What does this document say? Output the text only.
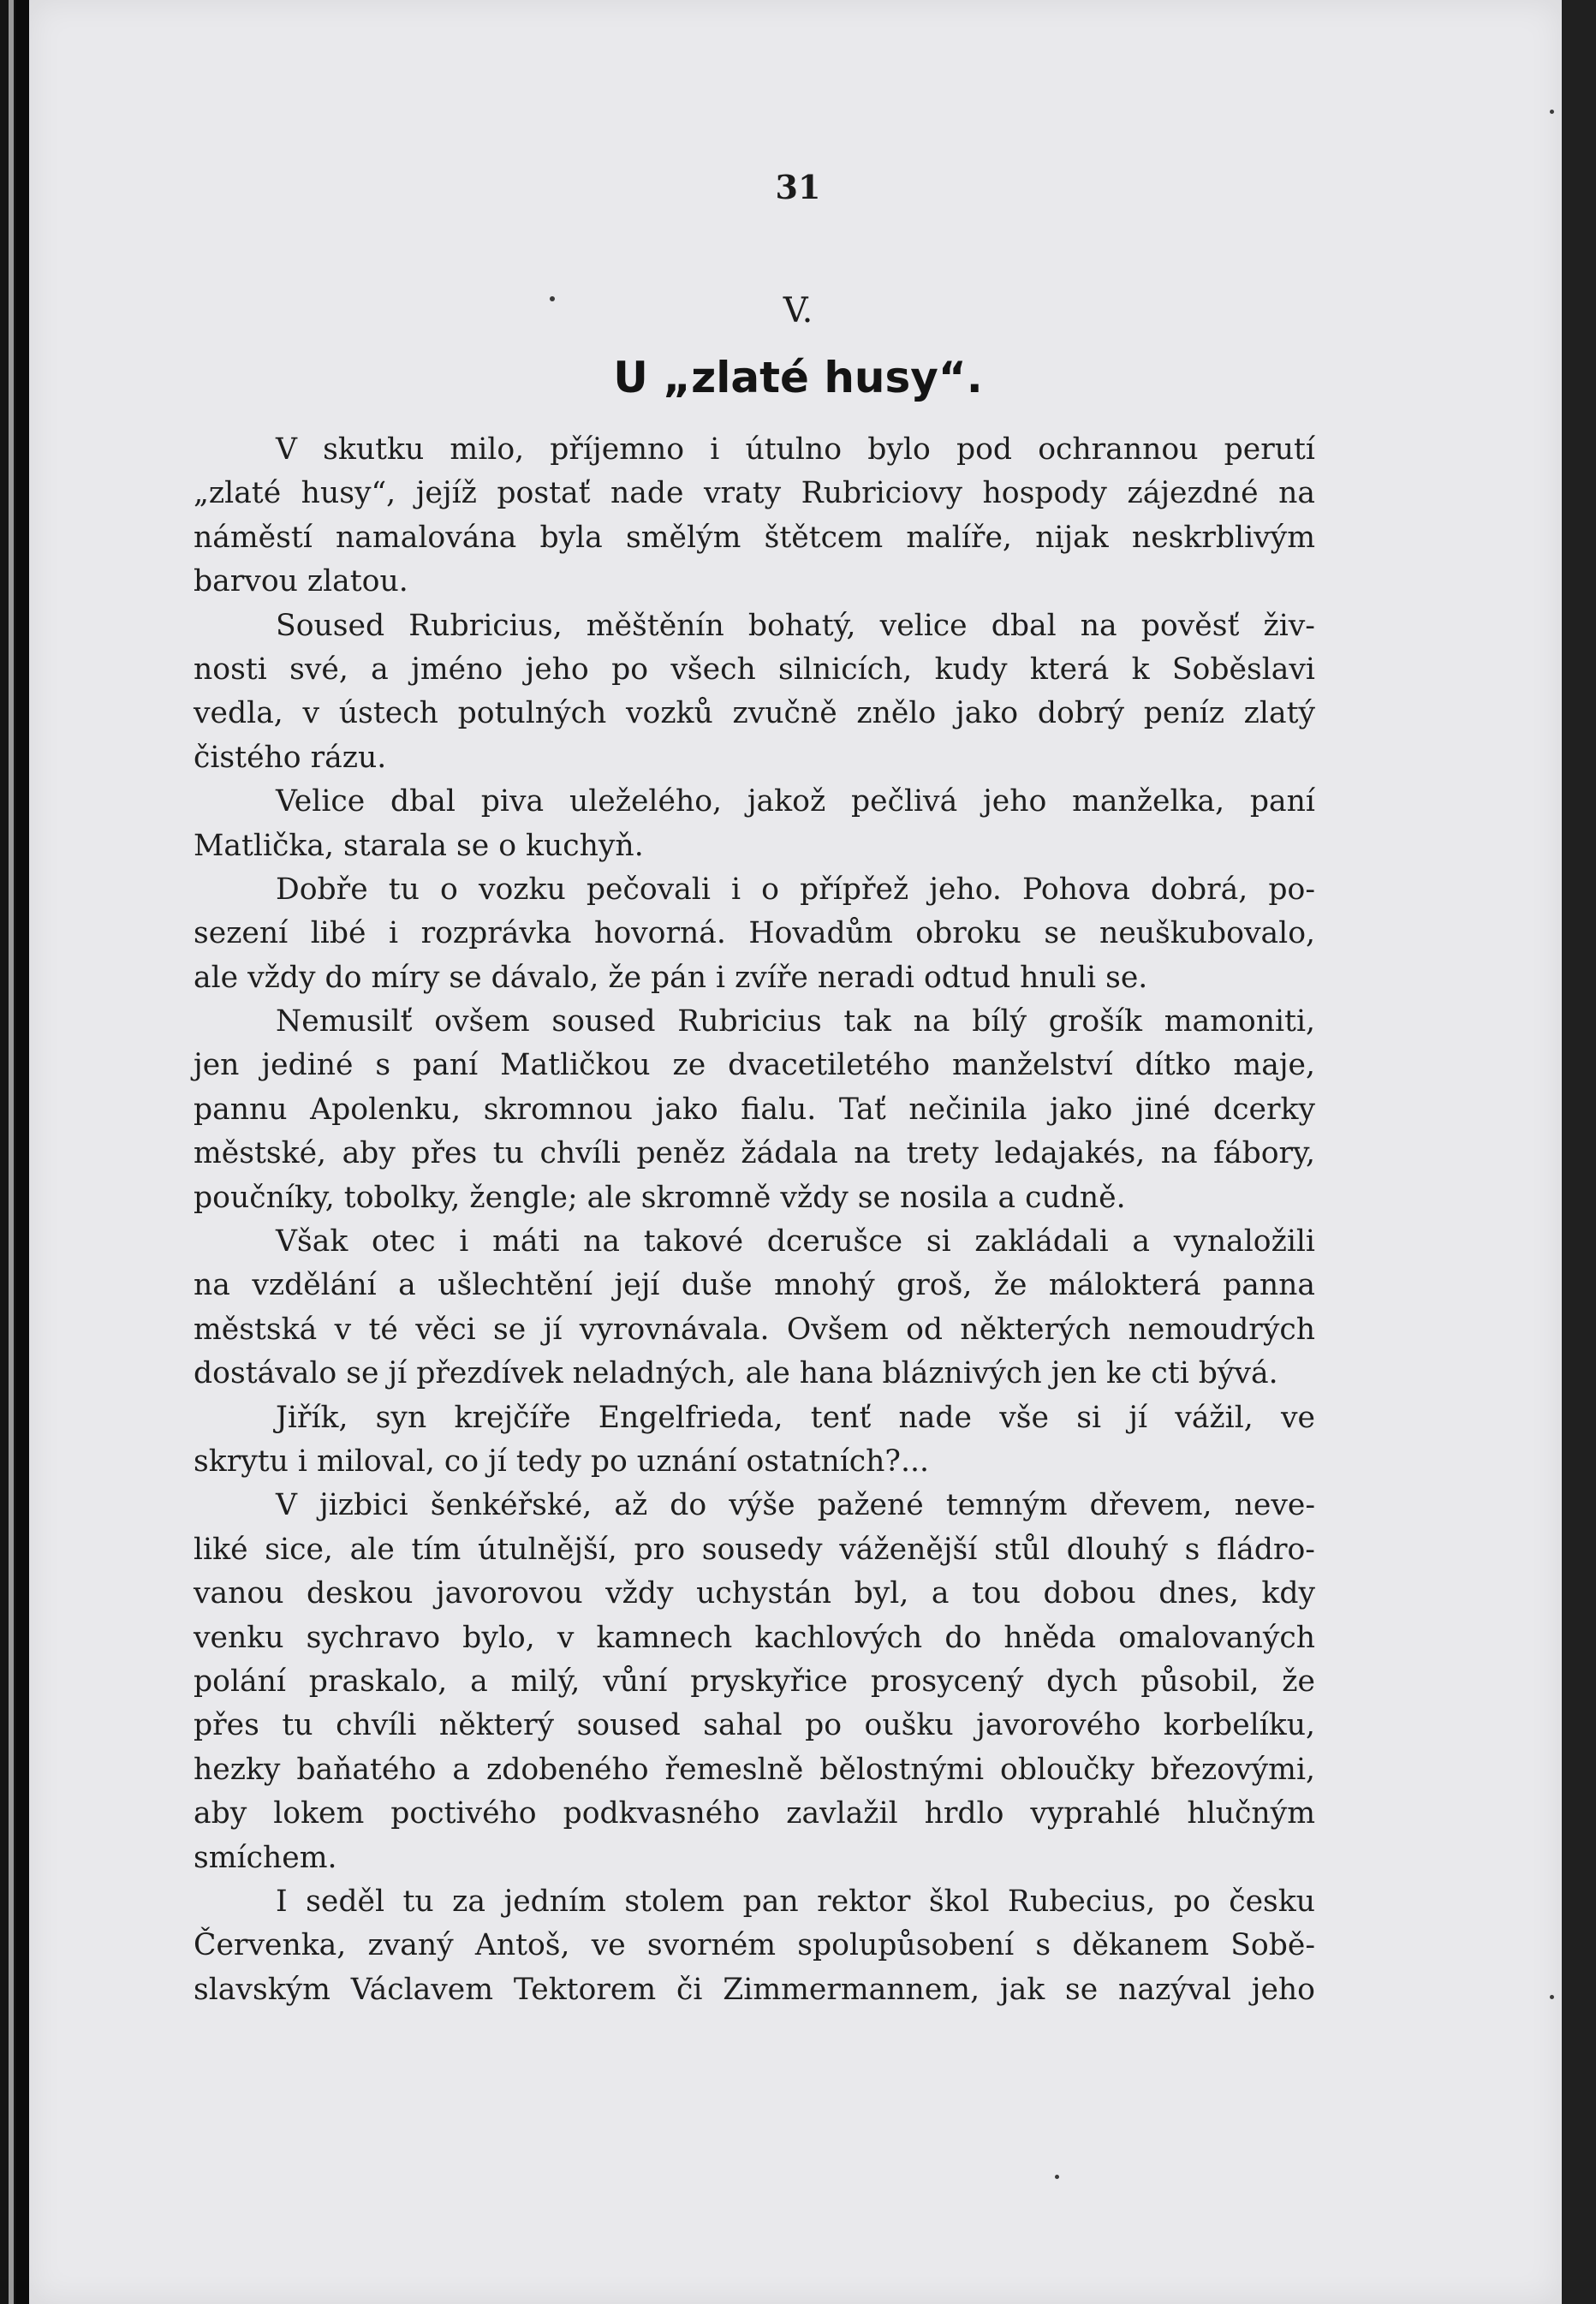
31
V.
U „zlaté husy“.
V skutku milo, příjemno i útulno bylo pod ochrannou perutí
„zlaté husy“, jejíž postať nade vraty Rubriciovy hospody zájezdné na
náměstí namalována byla smělým štětcem malíře, nijak neskrblivým
barvou zlatou.
Soused Rubricius, měštěnín bohatý, velice dbal na pověsť živ-
nosti své, a jméno jeho po všech silnicích, kudy která k Soběslavi
vedla, v ústech potulných vozků zvučně znělo jako dobrý peníz zlatý
čistého rázu.
Velice dbal piva uleželého, jakož pečlivá jeho manželka, paní
Matlička, starala se o kuchyň.
Dobře tu o vozku pečovali i o přípřež jeho. Pohova dobrá, po-
sezení libé i rozprávka hovorná. Hovadům obroku se neuškubovalo,
ale vždy do míry se dávalo, že pán i zvíře neradi odtud hnuli se.
Nemusilť ovšem soused Rubricius tak na bílý grošík mamoniti,
jen jediné s paní Matličkou ze dvacetiletého manželství dítko maje,
pannu Apolenku, skromnou jako fialu. Tať nečinila jako jiné dcerky
městské, aby přes tu chvíli peněz žádala na trety ledajakés, na fábory,
poučníky, tobolky, žengle; ale skromně vždy se nosila a cudně.
Však otec i máti na takové dcerušce si zakládali a vynaložili
na vzdělání a ušlechtění její duše mnohý groš, že málokterá panna
městská v té věci se jí vyrovnávala. Ovšem od některých nemoudrých
dostávalo se jí přezdívek neladných, ale hana bláznivých jen ke cti bývá.
Jiřík, syn krejčíře Engelfrieda, tenť nade vše si jí vážil, ve
skrytu i miloval, co jí tedy po uznání ostatních?...
V jizbici šenkéřské, až do výše pažené temným dřevem, neve-
liké sice, ale tím útulnější, pro sousedy váženější stůl dlouhý s fládro-
vanou deskou javorovou vždy uchystán byl, a tou dobou dnes, kdy
venku sychravo bylo, v kamnech kachlových do hněda omalovaných
polání praskalo, a milý, vůní pryskyřice prosycený dych působil, že
přes tu chvíli některý soused sahal po oušku javorového korbelíku,
hezky baňatého a zdobeného řemeslně bělostnými obloučky březovými,
aby lokem poctivého podkvasného zavlažil hrdlo vyprahlé hlučným
smíchem.
I seděl tu za jedním stolem pan rektor škol Rubecius, po česku
Červenka, zvaný Antoš, ve svorném spolupůsobení s děkanem Sobě-
slavským Václavem Tektorem či Zimmermannem, jak se nazýval jeho
